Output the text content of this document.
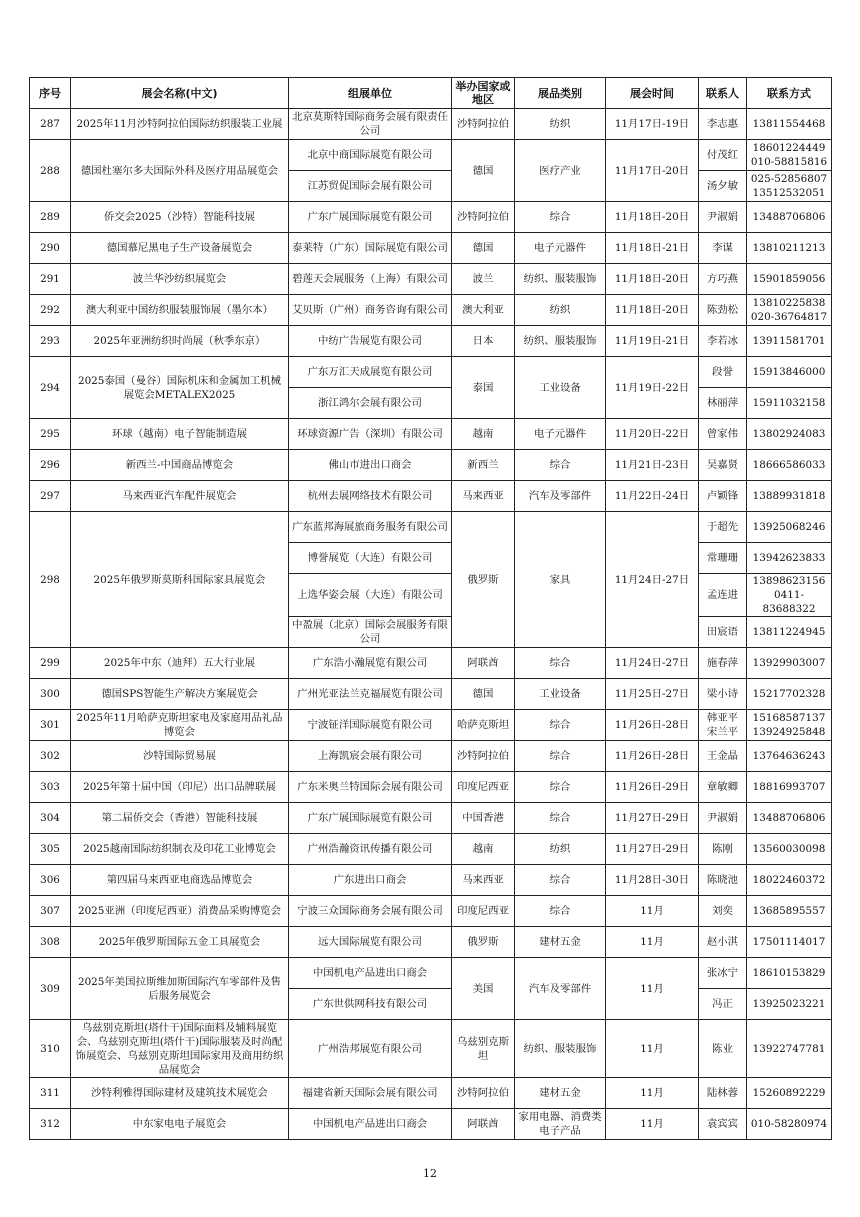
序号	展会名称(中文)	组展单位	举办国家或地区	展品类别	展会时间	联系人	联系方式
287	2025年11月沙特阿拉伯国际纺织服装工业展	北京莫斯特国际商务会展有限责任公司	沙特阿拉伯	纺织	11月17日-19日	李志惠	13811554468
288	德国杜塞尔多夫国际外科及医疗用品展览会	北京中商国际展览有限公司	德国	医疗产业	11月17日-20日	付茂红	18601224449 010-58815816
		江苏贸促国际会展有限公司				汤夕敏	025-52856807 13512532051
289	侨交会2025（沙特）智能科技展	广东广展国际展览有限公司	沙特阿拉伯	综合	11月18日-20日	尹淑娟	13488706806
290	德国慕尼黑电子生产设备展览会	泰莱特（广东）国际展览有限公司	德国	电子元器件	11月18日-21日	李谋	13810211213
291	波兰华沙纺织展览会	碧莲天会展服务（上海）有限公司	波兰	纺织、服装服饰	11月18日-20日	方巧燕	15901859056
292	澳大利亚中国纺织服装服饰展（墨尔本）	艾贝斯（广州）商务咨询有限公司	澳大利亚	纺织	11月18日-20日	陈劲松	13810225838 020-36764817
293	2025年亚洲纺织时尚展（秋季东京）	中纺广告展览有限公司	日本	纺织、服装服饰	11月19日-21日	李若冰	13911581701
294	2025泰国（曼谷）国际机床和金属加工机械展览会METALEX2025	广东万汇天成展览有限公司	泰国	工业设备	11月19日-22日	段誉	15913846000
		浙江鸿尔会展有限公司				林丽萍	15911032158
295	环球（越南）电子智能制造展	环球资源广告（深圳）有限公司	越南	电子元器件	11月20日-22日	曾家伟	13802924083
296	新西兰-中国商品博览会	佛山市进出口商会	新西兰	综合	11月21日-23日	吴嘉贤	18666586033
297	马来西亚汽车配件展览会	杭州去展网络技术有限公司	马来西亚	汽车及零部件	11月22日-24日	卢颖锋	13889931818
298	2025年俄罗斯莫斯科国际家具展览会	广东蓝邦海展旅商务服务有限公司	俄罗斯	家具	11月24日-27日	于超先	13925068246
		博誉展览（大连）有限公司				常珊珊	13942623833
		上选华姿会展（大连）有限公司				孟连进	13898623156 0411-83688322
		中盈展（北京）国际会展服务有限公司				田宸语	13811224945
299	2025年中东（迪拜）五大行业展	广东浩小瀚展览有限公司	阿联酋	综合	11月24日-27日	施春萍	13929903007
300	德国SPS智能生产解决方案展览会	广州光亚法兰克福展览有限公司	德国	工业设备	11月25日-27日	梁小诗	15217702328
301	2025年11月哈萨克斯坦家电及家庭用品礼品博览会	宁波钲洋国际展览有限公司	哈萨克斯坦	综合	11月26日-28日	韩亚平 宋兰平	15168587137 13924925848
302	沙特国际贸易展	上海凯宸会展有限公司	沙特阿拉伯	综合	11月26日-28日	王金晶	13764636243
303	2025年第十届中国（印尼）出口品牌联展	广东米奥兰特国际会展有限公司	印度尼西亚	综合	11月26日-29日	章敏卿	18816993707
304	第二届侨交会（香港）智能科技展	广东广展国际展览有限公司	中国香港	综合	11月27日-29日	尹淑娟	13488706806
305	2025越南国际纺织制衣及印花工业博览会	广州浩瀚资讯传播有限公司	越南	纺织	11月27日-29日	陈刚	13560030098
306	第四届马来西亚电商选品博览会	广东进出口商会	马来西亚	综合	11月28日-30日	陈晓池	18022460372
307	2025亚洲（印度尼西亚）消费品采购博览会	宁波三众国际商务会展有限公司	印度尼西亚	综合	11月	刘奕	13685895557
308	2025年俄罗斯国际五金工具展览会	远大国际展览有限公司	俄罗斯	建材五金	11月	赵小淇	17501114017
309	2025年美国拉斯维加斯国际汽车零部件及售后服务展览会	中国机电产品进出口商会	美国	汽车及零部件	11月	张冰宁	18610153829
		广东世供网科技有限公司				冯正	13925023221
310	乌兹别克斯坦(塔什干)国际面料及辅料展览会、乌兹别克斯坦(塔什干)国际服装及时尚配饰展览会、乌兹别克斯坦国际家用及商用纺织品展览会	广州浩邦展览有限公司	乌兹别克斯坦	纺织、服装服饰	11月	陈业	13922747781
311	沙特利雅得国际建材及建筑技术展览会	福建省新天国际会展有限公司	沙特阿拉伯	建材五金	11月	陆林蓉	15260892229
312	中东家电电子展览会	中国机电产品进出口商会	阿联酋	家用电器、消费类电子产品	11月	袁宾宾	010-58280974
12
